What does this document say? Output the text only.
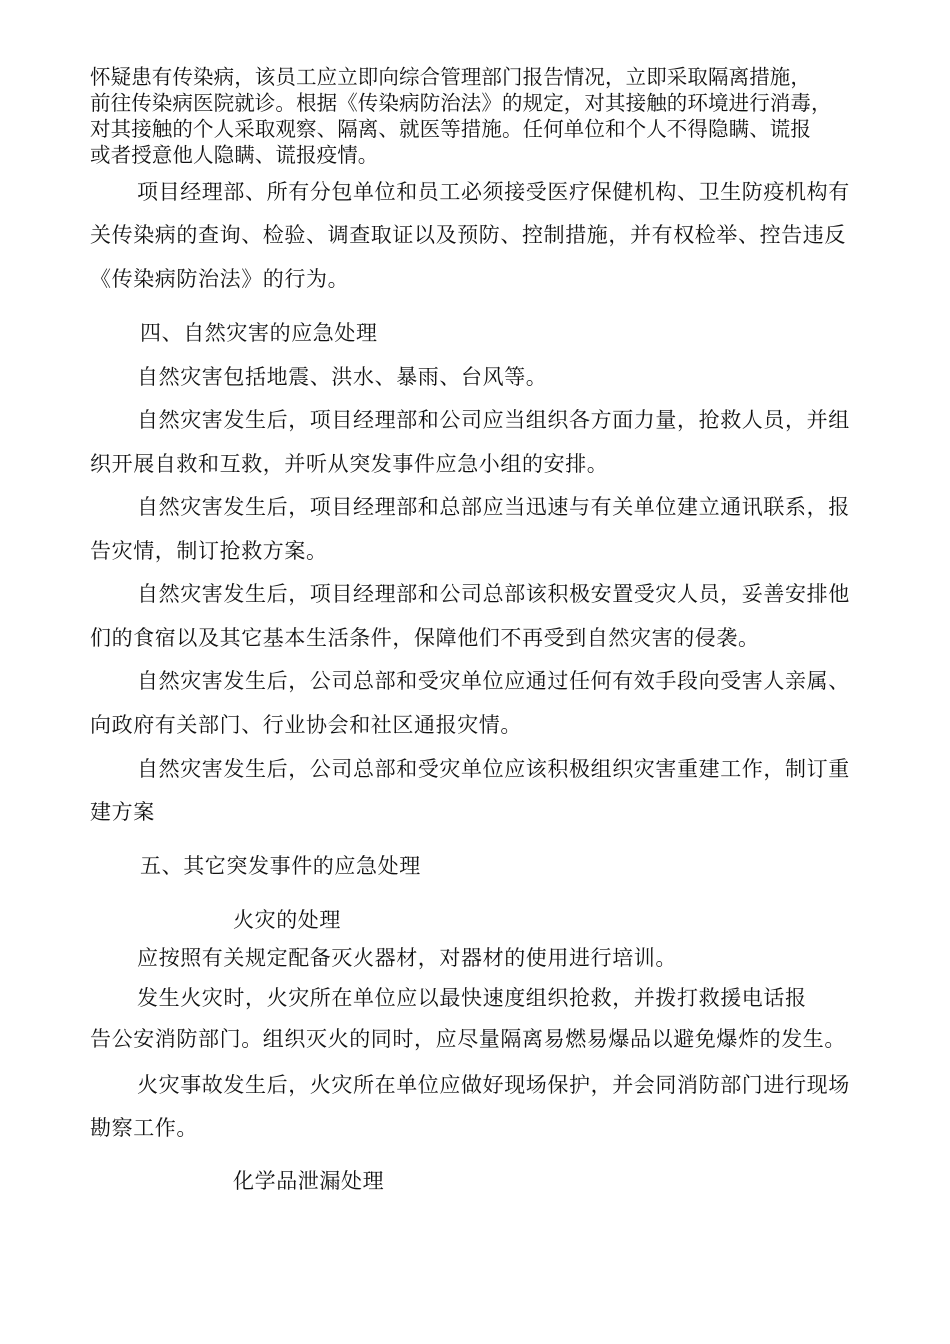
怀疑患有传染病，该员工应立即向综合管理部门报告情况，立即采取隔离措施，
前往传染病医院就诊。根据《传染病防治法》的规定，对其接触的环境进行消毒，
对其接触的个人采取观察、隔离、就医等措施。任何单位和个人不得隐瞒、谎报
或者授意他人隐瞒、谎报疫情。
项目经理部、所有分包单位和员工必须接受医疗保健机构、卫生防疫机构有
关传染病的查询、检验、调查取证以及预防、控制措施，并有权检举、控告违反
《传染病防治法》的行为。
四、自然灾害的应急处理
自然灾害包括地震、洪水、暴雨、台风等。
自然灾害发生后，项目经理部和公司应当组织各方面力量，抢救人员，并组
织开展自救和互救，并听从突发事件应急小组的安排。
自然灾害发生后，项目经理部和总部应当迅速与有关单位建立通讯联系，报
告灾情，制订抢救方案。
自然灾害发生后，项目经理部和公司总部该积极安置受灾人员，妥善安排他
们的食宿以及其它基本生活条件，保障他们不再受到自然灾害的侵袭。
自然灾害发生后，公司总部和受灾单位应通过任何有效手段向受害人亲属、
向政府有关部门、行业协会和社区通报灾情。
自然灾害发生后，公司总部和受灾单位应该积极组织灾害重建工作，制订重
建方案
五、其它突发事件的应急处理
火灾的处理
应按照有关规定配备灭火器材，对器材的使用进行培训。
发生火灾时，火灾所在单位应以最快速度组织抢救，并拨打救援电话报
告公安消防部门。组织灭火的同时，应尽量隔离易燃易爆品以避免爆炸的发生。
火灾事故发生后，火灾所在单位应做好现场保护，并会同消防部门进行现场
勘察工作。
化学品泄漏处理
